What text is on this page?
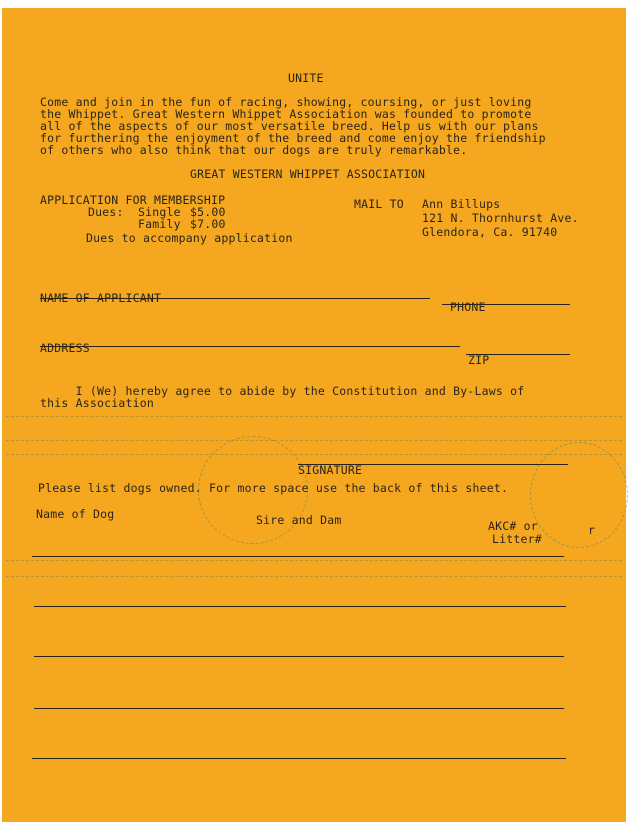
UNITE
Come and join in the fun of racing, showing, coursing, or just loving
the Whippet. Great Western Whippet Association was founded to promote
all of the aspects of our most versatile breed. Help us with our plans
for furthering the enjoyment of the breed and come enjoy the friendship
of others who also think that our dogs are truly remarkable.
GREAT WESTERN WHIPPET ASSOCIATION
APPLICATION FOR MEMBERSHIP
Dues: Single $5.00
Family $7.00
Dues to accompany application
MAIL TO Ann Billups
121 N. Thornhurst Ave.
Glendora, Ca. 91740
NAME OF APPLICANT
PHONE
ADDRESS
ZIP
I (We) hereby agree to abide by the Constitution and By-Laws of
this Association
SIGNATURE
Please list dogs owned. For more space use the back of this sheet.
Name of Dog	Sire and Dam	AKC# or
Litter#
r
